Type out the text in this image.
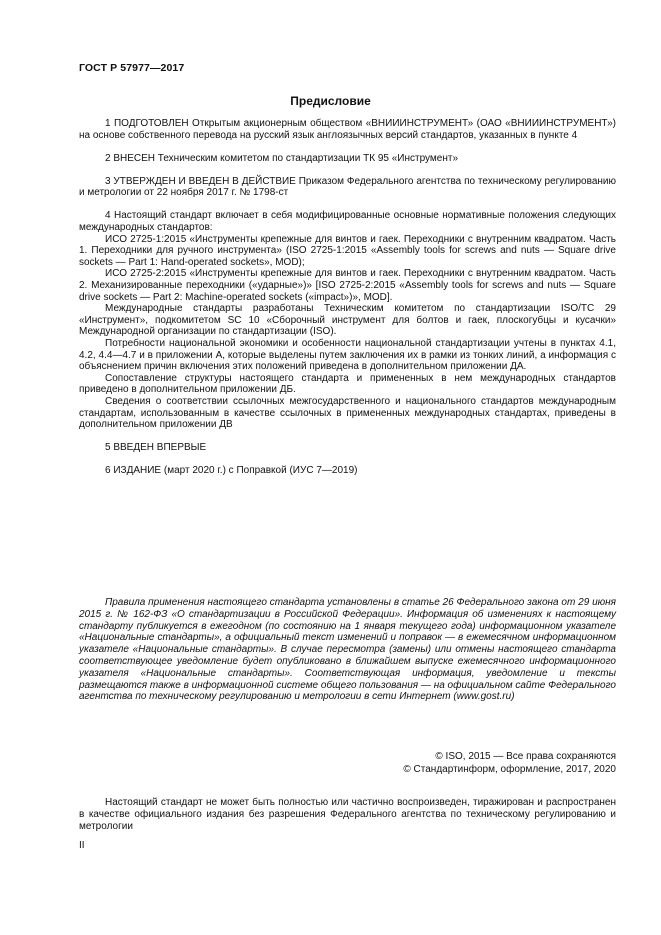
ГОСТ Р 57977—2017
Предисловие

1 ПОДГОТОВЛЕН Открытым акционерным обществом «ВНИИИНСТРУМЕНТ» (ОАО «ВНИИИНСТРУМЕНТ») на основе собственного перевода на русский язык англоязычных версий стандартов, указанных в пункте 4

2 ВНЕСЕН Техническим комитетом по стандартизации ТК 95 «Инструмент»

3 УТВЕРЖДЕН И ВВЕДЕН В ДЕЙСТВИЕ Приказом Федерального агентства по техническому регулированию и метрологии от 22 ноября 2017 г. № 1798-ст

4 Настоящий стандарт включает в себя модифицированные основные нормативные положения следующих международных стандартов:

ИСО 2725-1:2015 «Инструменты крепежные для винтов и гаек. Переходники с внутренним квадратом. Часть 1. Переходники для ручного инструмента» (ISO 2725-1:2015 «Assembly tools for screws and nuts — Square drive sockets — Part 1: Hand-operated sockets», MOD);

ИСО 2725-2:2015 «Инструменты крепежные для винтов и гаек. Переходники с внутренним квадратом. Часть 2. Механизированные переходники («ударные»)» [ISO 2725-2:2015 «Assembly tools for screws and nuts — Square drive sockets — Part 2: Machine-operated sockets («impact»)», MOD].

Международные стандарты разработаны Техническим комитетом по стандартизации ISO/TC 29 «Инструмент», подкомитетом SC 10 «Сборочный инструмент для болтов и гаек, плоскогубцы и кусачки» Международной организации по стандартизации (ISO).

Потребности национальной экономики и особенности национальной стандартизации учтены в пунктах 4.1, 4.2, 4.4—4.7 и в приложении А, которые выделены путем заключения их в рамки из тонких линий, а информация с объяснением причин включения этих положений приведена в дополнительном приложении ДА.

Сопоставление структуры настоящего стандарта и примененных в нем международных стандартов приведено в дополнительном приложении ДБ.

Сведения о соответствии ссылочных межгосударственного и национального стандартов международным стандартам, использованным в качестве ссылочных в примененных международных стандартах, приведены в дополнительном приложении ДВ

5 ВВЕДЕН ВПЕРВЫЕ

6 ИЗДАНИЕ (март 2020 г.) с Поправкой (ИУС 7—2019)

Правила применения настоящего стандарта установлены в статье 26 Федерального закона от 29 июня 2015 г. № 162-ФЗ «О стандартизации в Российской Федерации». Информация об изменениях к настоящему стандарту публикуется в ежегодном (по состоянию на 1 января текущего года) информационном указателе «Национальные стандарты», а официальный текст изменений и поправок — в ежемесячном информационном указателе «Национальные стандарты». В случае пересмотра (замены) или отмены настоящего стандарта соответствующее уведомление будет опубликовано в ближайшем выпуске ежемесячного информационного указателя «Национальные стандарты». Соответствующая информация, уведомление и тексты размещаются также в информационной системе общего пользования — на официальном сайте Федерального агентства по техническому регулированию и метрологии в сети Интернет (www.gost.ru)

© ISO, 2015 — Все права сохраняются
© Стандартинформ, оформление, 2017, 2020

Настоящий стандарт не может быть полностью или частично воспроизведен, тиражирован и распространен в качестве официального издания без разрешения Федерального агентства по техническому регулированию и метрологии

II
